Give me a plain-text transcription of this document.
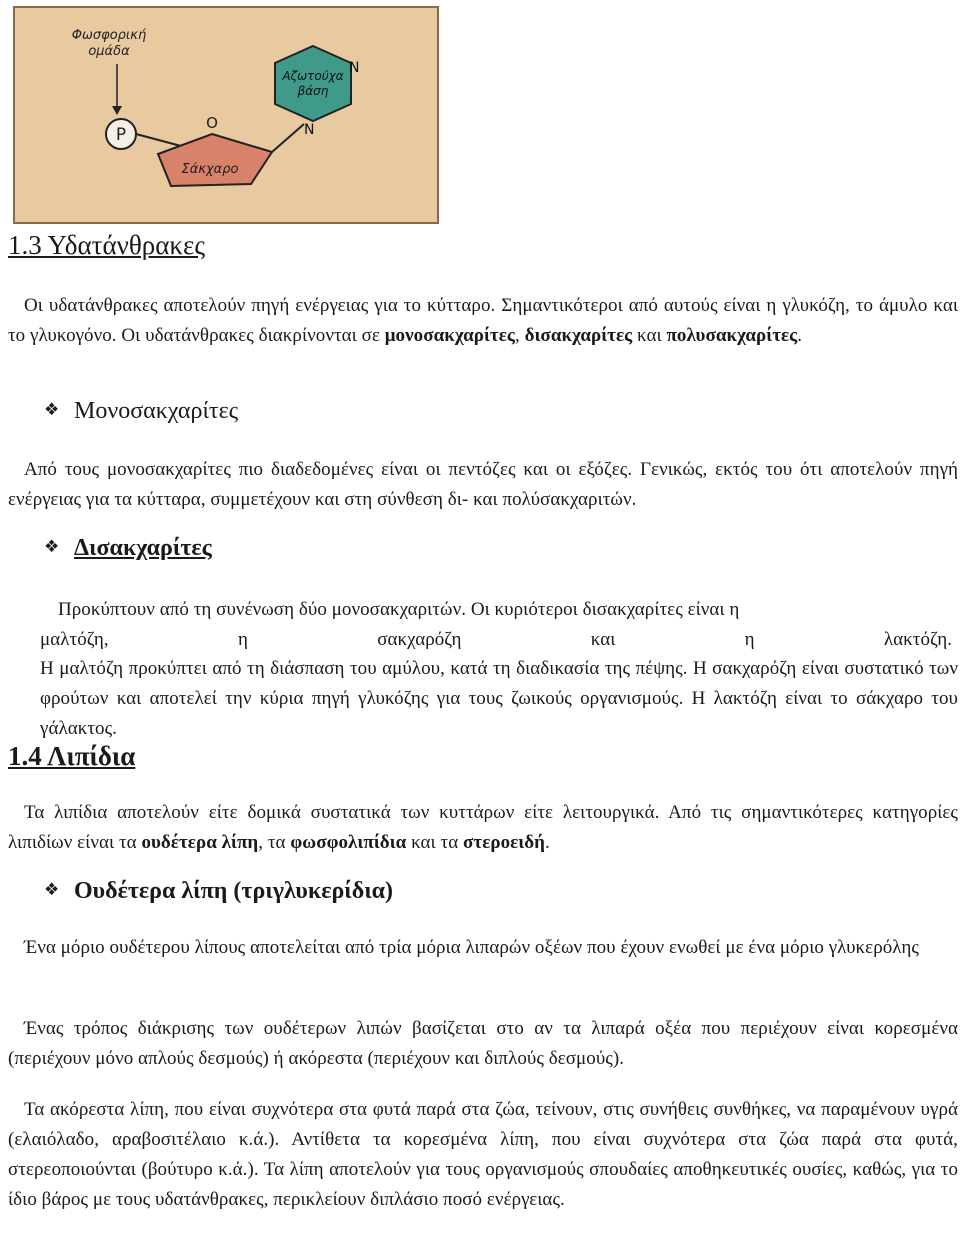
Φωσφορική
ομάδα
P
O
Σάκχαρο
Αζωτούχα
βάση
N
N
1.3 Υδατάνθρακες

Οι υδατάνθρακες αποτελούν πηγή ενέργειας για το κύτταρο. Σημαντικότεροι από αυτούς είναι η γλυκόζη, το άμυλο και το γλυκογόνο. Οι υδατάνθρακες διακρίνονται σε μονοσακχαρίτες, δισακχαρίτες και πολυσακχαρίτες.

❖ Μονοσακχαρίτες

Από τους μονοσακχαρίτες πιο διαδεδομένες είναι οι πεντόζες και οι εξόζες. Γενικώς, εκτός του ότι αποτελούν πηγή ενέργειας για τα κύτταρα, συμμετέχουν και στη σύνθεση δι- και πολύσακχαριτών.

❖ Δισακχαρίτες

Προκύπτουν από τη συνένωση δύο μονοσακχαριτών. Οι κυριότεροι δισακχαρίτες είναι η

μαλτόζη, η σακχαρόζη και η λακτόζη.

Η μαλτόζη προκύπτει από τη διάσπαση του αμύλου, κατά τη διαδικασία της πέψης. Η σακχαρόζη είναι συστατικό των φρούτων και αποτελεί την κύρια πηγή γλυκόζης για τους ζωικούς οργανισμούς. Η λακτόζη είναι το σάκχαρο του γάλακτος.

1.4 Λιπίδια

Τα λιπίδια αποτελούν είτε δομικά συστατικά των κυττάρων είτε λειτουργικά. Από τις σημαντικότερες κατηγορίες λιπιδίων είναι τα ουδέτερα λίπη, τα φωσφολιπίδια και τα στεροειδή.

❖ Ουδέτερα λίπη (τριγλυκερίδια)

Ένα μόριο ουδέτερου λίπους αποτελείται από τρία μόρια λιπαρών οξέων που έχουν ενωθεί με ένα μόριο γλυκερόλης

Ένας τρόπος διάκρισης των ουδέτερων λιπών βασίζεται στο αν τα λιπαρά οξέα που περιέχουν είναι κορεσμένα (περιέχουν μόνο απλούς δεσμούς) ή ακόρεστα (περιέχουν και διπλούς δεσμούς).

Τα ακόρεστα λίπη, που είναι συχνότερα στα φυτά παρά στα ζώα, τείνουν, στις συνήθεις συνθήκες, να παραμένουν υγρά (ελαιόλαδο, αραβοσιτέλαιο κ.ά.). Αντίθετα τα κορεσμένα λίπη, που είναι συχνότερα στα ζώα παρά στα φυτά, στερεοποιούνται (βούτυρο κ.ά.). Τα λίπη αποτελούν για τους οργανισμούς σπουδαίες αποθηκευτικές ουσίες, καθώς, για το ίδιο βάρος με τους υδατάνθρακες, περικλείουν διπλάσιο ποσό ενέργειας.
